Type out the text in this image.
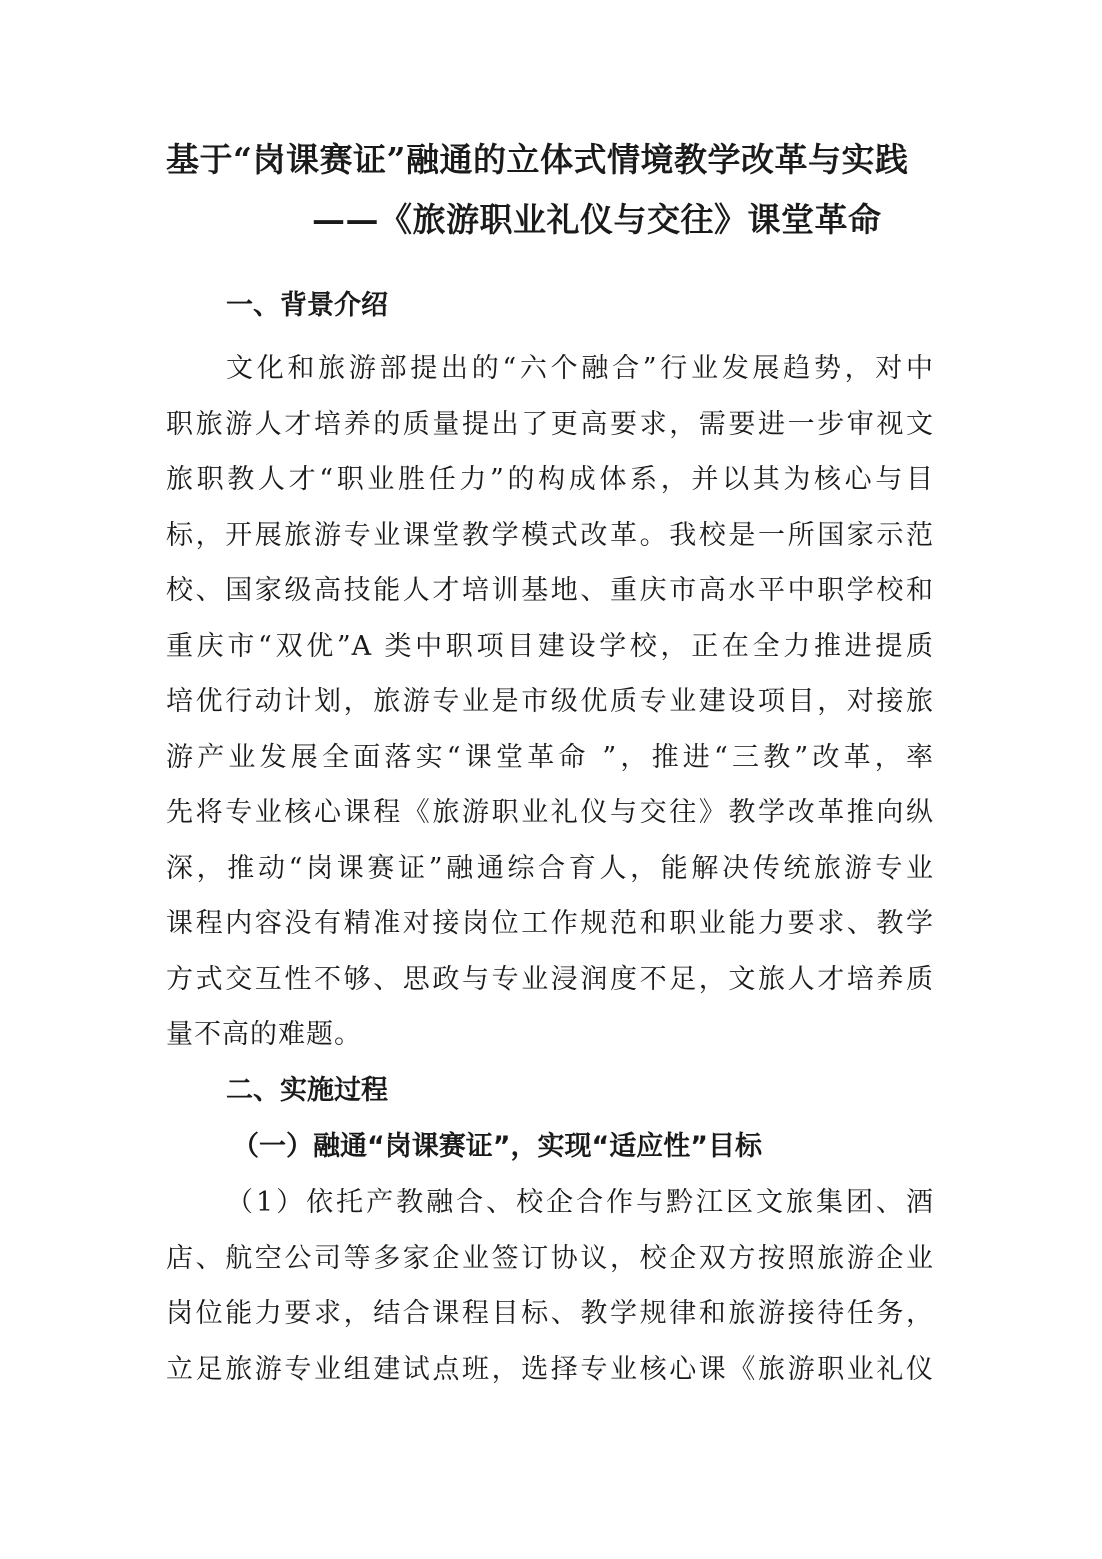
基于“岗课赛证”融通的立体式情境教学改革与实践
——《旅游职业礼仪与交往》课堂革命
一、背景介绍
文化和旅游部提出的“六个融合”行业发展趋势，对中
职旅游人才培养的质量提出了更高要求，需要进一步审视文
旅职教人才“职业胜任力”的构成体系，并以其为核心与目
标，开展旅游专业课堂教学模式改革。我校是一所国家示范
校、国家级高技能人才培训基地、重庆市高水平中职学校和
重庆市“双优”A 类中职项目建设学校，正在全力推进提质
培优行动计划，旅游专业是市级优质专业建设项目，对接旅
游产业发展全面落实“课堂革命 ”，推进“三教”改革，率
先将专业核心课程《旅游职业礼仪与交往》教学改革推向纵
深，推动“岗课赛证”融通综合育人，能解决传统旅游专业
课程内容没有精准对接岗位工作规范和职业能力要求、教学
方式交互性不够、思政与专业浸润度不足，文旅人才培养质
量不高的难题。
二、实施过程
（一）融通“岗课赛证”，实现“适应性”目标
（1）依托产教融合、校企合作与黔江区文旅集团、酒
店、航空公司等多家企业签订协议，校企双方按照旅游企业
岗位能力要求，结合课程目标、教学规律和旅游接待任务，
立足旅游专业组建试点班，选择专业核心课《旅游职业礼仪
